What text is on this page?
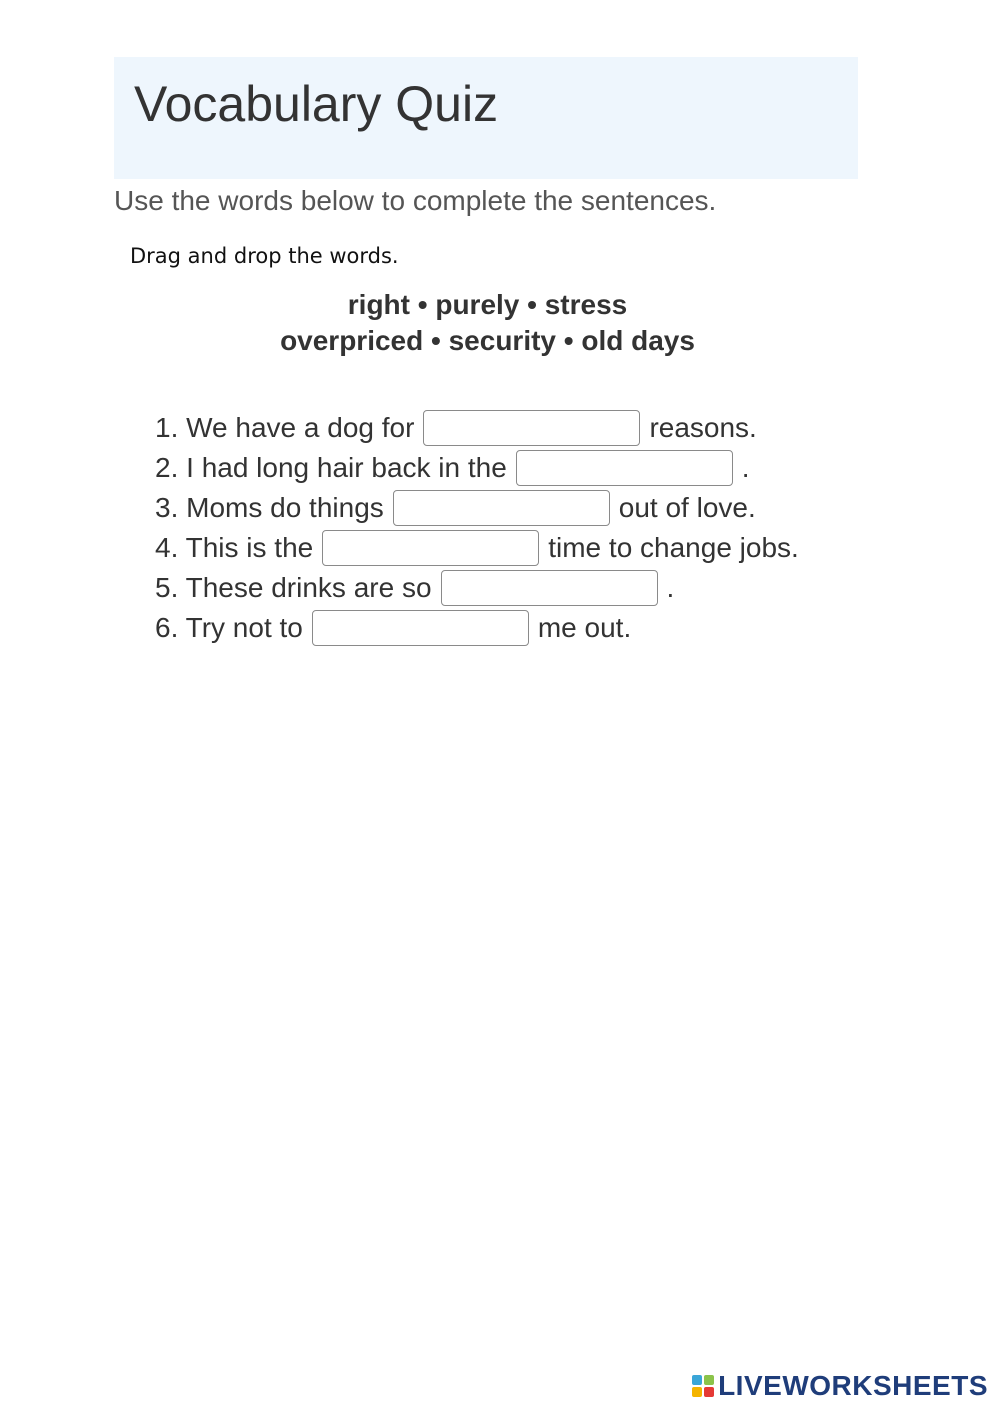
Vocabulary Quiz
Use the words below to complete the sentences.
Drag and drop the words.
right • purely • stress
overpriced • security • old days
1. We have a dog for	reasons.
2. I had long hair back in the	.
3. Moms do things	out of love.
4. This is the	time to change jobs.
5. These drinks are so	.
6. Try not to	me out.
LIVEWORKSHEETS
